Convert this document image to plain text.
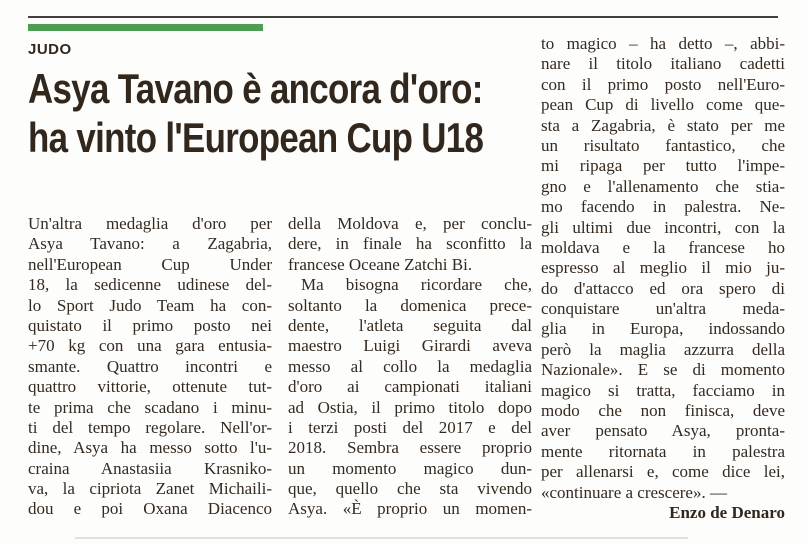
JUDO
Asya Tavano è ancora d'oro:
ha vinto l'European Cup U18
Un'altra medaglia d'oro per
Asya Tavano: a Zagabria,
nell'European Cup Under
18, la sedicenne udinese del-
lo Sport Judo Team ha con-
quistato il primo posto nei
+70 kg con una gara entusia-
smante. Quattro incontri e
quattro vittorie, ottenute tut-
te prima che scadano i minu-
ti del tempo regolare. Nell'or-
dine, Asya ha messo sotto l'u-
craina Anastasiia Krasniko-
va, la cipriota Zanet Michaili-
dou e poi Oxana Diacenco
della Moldova e, per conclu-
dere, in finale ha sconfitto la
francese Oceane Zatchi Bi.
Ma bisogna ricordare che,
soltanto la domenica prece-
dente, l'atleta seguita dal
maestro Luigi Girardi aveva
messo al collo la medaglia
d'oro ai campionati italiani
ad Ostia, il primo titolo dopo
i terzi posti del 2017 e del
2018. Sembra essere proprio
un momento magico dun-
que, quello che sta vivendo
Asya. «È proprio un momen-
to magico – ha detto –, abbi-
nare il titolo italiano cadetti
con il primo posto nell'Euro-
pean Cup di livello come que-
sta a Zagabria, è stato per me
un risultato fantastico, che
mi ripaga per tutto l'impe-
gno e l'allenamento che stia-
mo facendo in palestra. Ne-
gli ultimi due incontri, con la
moldava e la francese ho
espresso al meglio il mio ju-
do d'attacco ed ora spero di
conquistare un'altra meda-
glia in Europa, indossando
però la maglia azzurra della
Nazionale». E se di momento
magico si tratta, facciamo in
modo che non finisca, deve
aver pensato Asya, pronta-
mente ritornata in palestra
per allenarsi e, come dice lei,
«continuare a crescere». —
Enzo de Denaro
